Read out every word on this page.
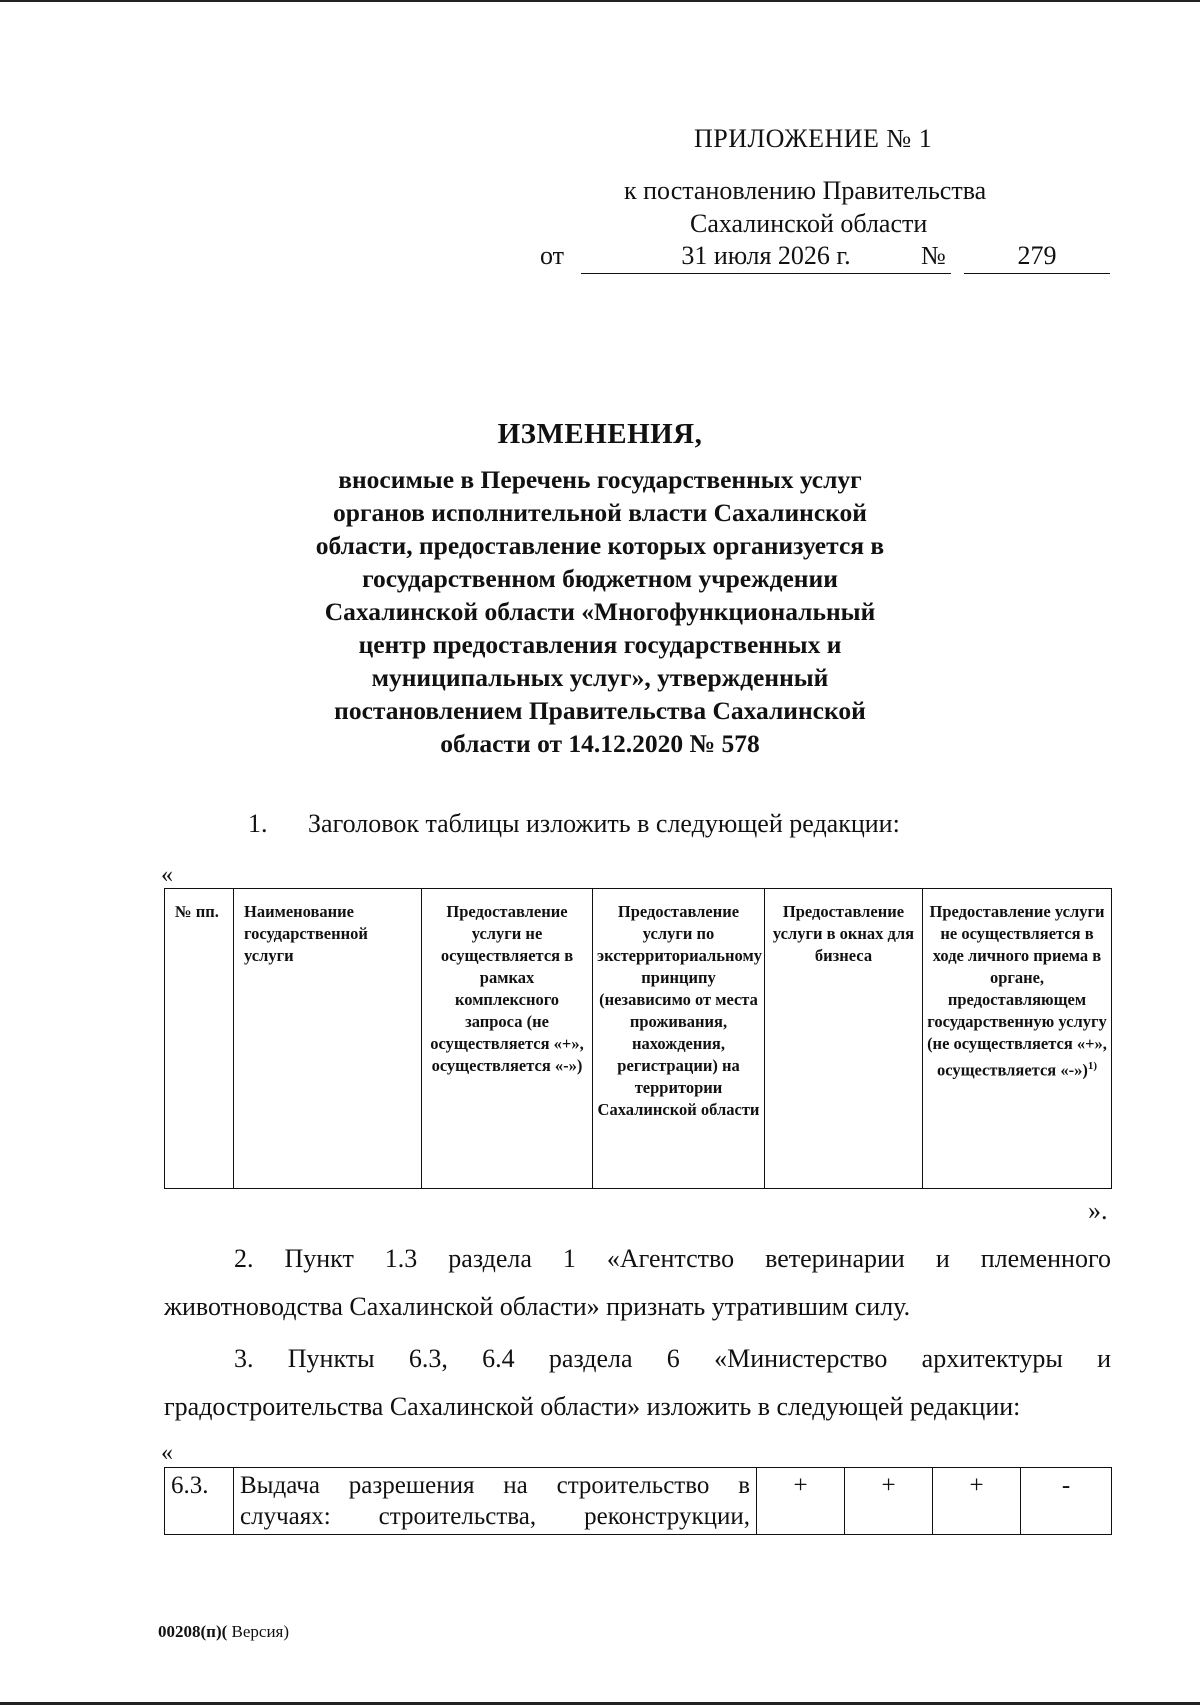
ПРИЛОЖЕНИЕ № 1
к постановлению Правительства
Сахалинской области
от	31 июля 2026 г.	№	279
ИЗМЕНЕНИЯ,
вносимые в Перечень государственных услуг органов исполнительной власти Сахалинской области, предоставление которых организуется в государственном бюджетном учреждении Сахалинской области «Многофункциональный центр предоставления государственных и муниципальных услуг», утвержденный постановлением Правительства Сахалинской области от 14.12.2020 № 578
1. Заголовок таблицы изложить в следующей редакции:
«
№ пп.	Наименование государственной услуги	Предоставление услуги не осуществляется в рамках комплексного запроса (не осуществляется «+», осуществляется «-»)	Предоставление услуги по экстерриториальному принципу (независимо от места проживания, нахождения, регистрации) на территории Сахалинской области	Предоставление услуги в окнах для бизнеса	Предоставление услуги не осуществляется в ходе личного приема в органе, предоставляющем государственную услугу (не осуществляется «+», осуществляется «-»)$^{1)}$
».
2. Пункт 1.3 раздела 1 «Агентство ветеринарии и племенного
животноводства Сахалинской области» признать утратившим силу.
3. Пункты 6.3, 6.4 раздела 6 «Министерство архитектуры и
градостроительства Сахалинской области» изложить в следующей редакции:
«
6.3.	Выдача разрешения на строительство в случаях: строительства, реконструкции,	+	+	+	-
00208(п)( Версия)
